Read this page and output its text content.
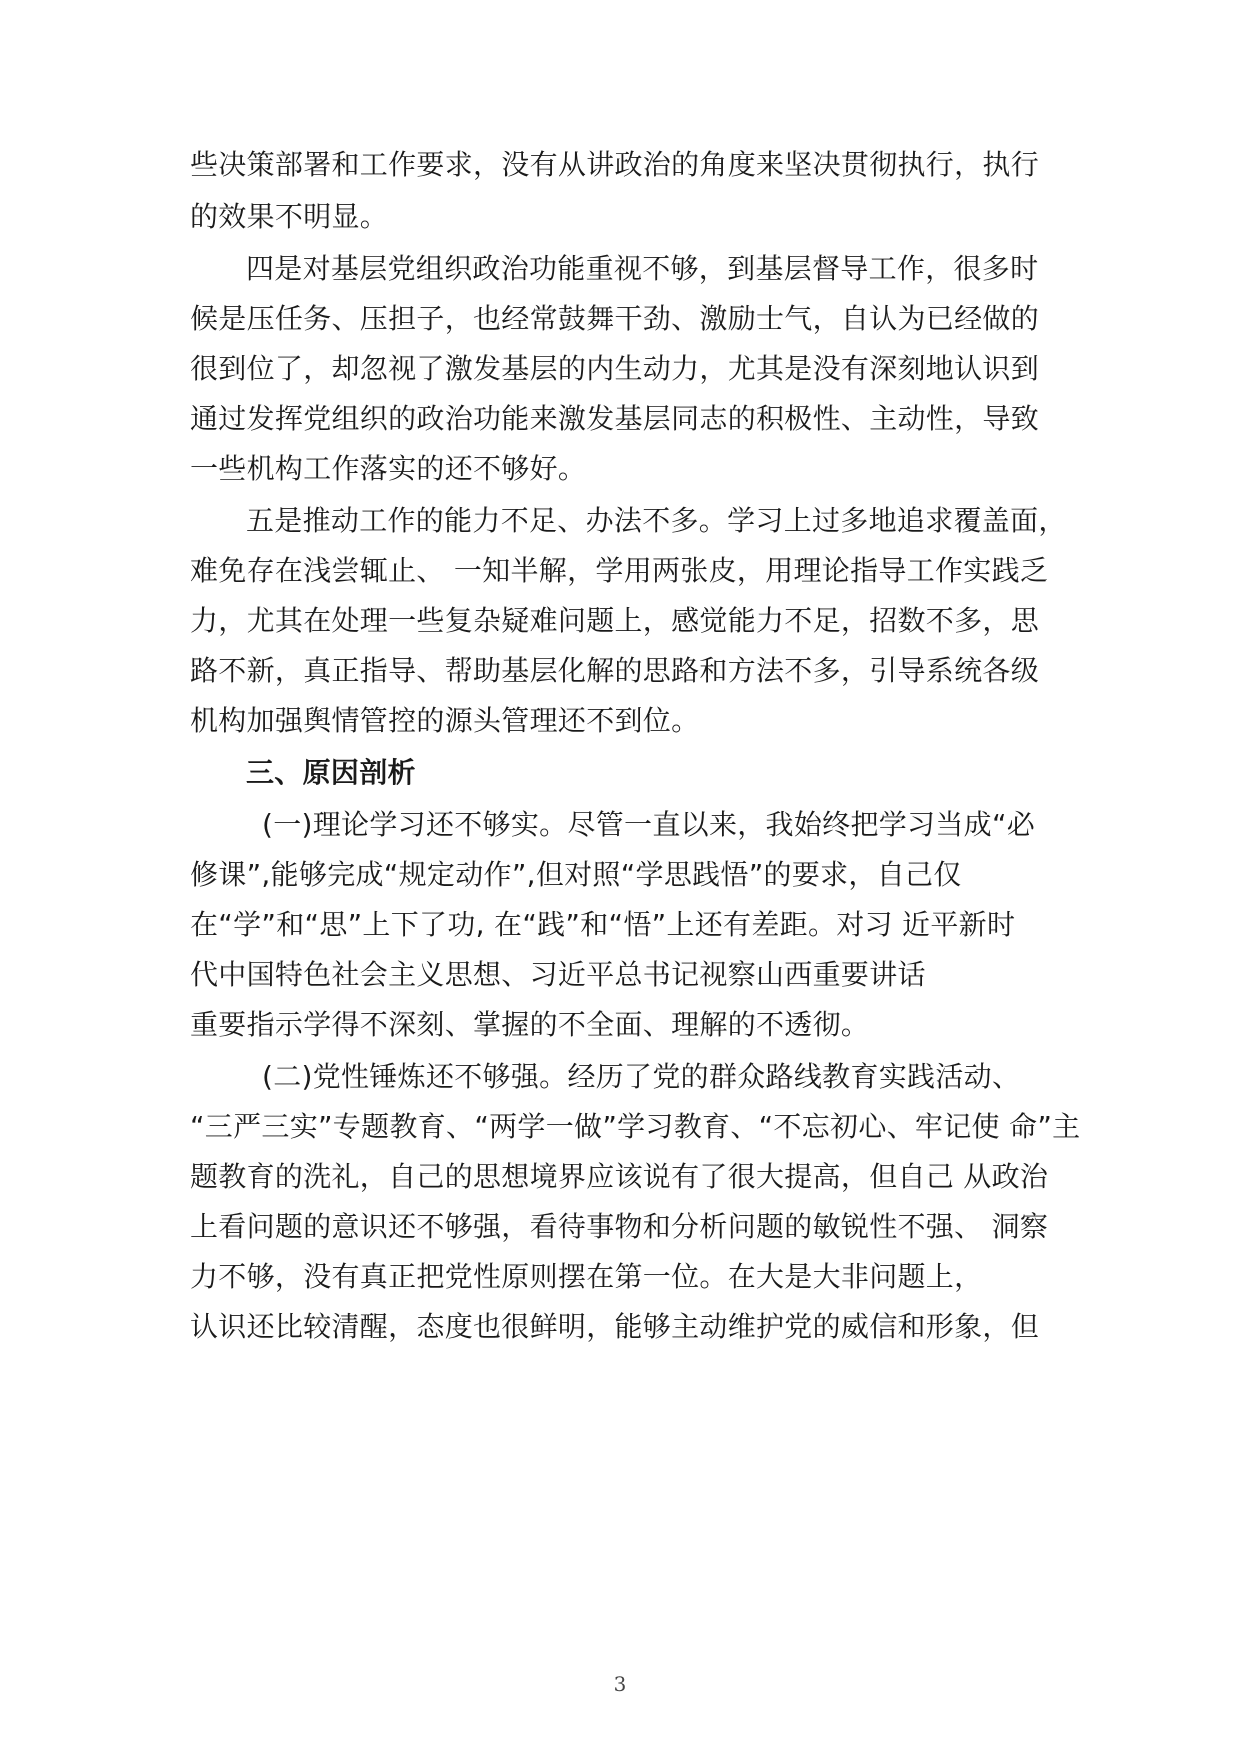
些决策部署和工作要求，没有从讲政治的角度来坚决贯彻执行，执行
的效果不明显。
四是对基层党组织政治功能重视不够，到基层督导工作，很多时
候是压任务、压担子，也经常鼓舞干劲、激励士气，自认为已经做的
很到位了，却忽视了激发基层的内生动力，尤其是没有深刻地认识到
通过发挥党组织的政治功能来激发基层同志的积极性、主动性，导致
一些机构工作落实的还不够好。
五是推动工作的能力不足、办法不多。学习上过多地追求覆盖面，
难免存在浅尝辄止、 一知半解，学用两张皮，用理论指导工作实践乏
力，尤其在处理一些复杂疑难问题上，感觉能力不足，招数不多，思
路不新，真正指导、帮助基层化解的思路和方法不多，引导系统各级
机构加强舆情管控的源头管理还不到位。
三、原因剖析
(一)理论学习还不够实。尽管一直以来，我始终把学习当成“必
修课”,能够完成“规定动作”,但对照“学思践悟”的要求，自己仅
在“学”和“思”上下了功, 在“践”和“悟”上还有差距。对习 近平新时
代中国特色社会主义思想、习近平总书记视察山西重要讲话
重要指示学得不深刻、掌握的不全面、理解的不透彻。
(二)党性锤炼还不够强。经历了党的群众路线教育实践活动、
“三严三实”专题教育、“两学一做”学习教育、“不忘初心、牢记使 命”主
题教育的洗礼，自己的思想境界应该说有了很大提高，但自己 从政治
上看问题的意识还不够强，看待事物和分析问题的敏锐性不强、 洞察
力不够，没有真正把党性原则摆在第一位。在大是大非问题上，
认识还比较清醒，态度也很鲜明，能够主动维护党的威信和形象，但
3
